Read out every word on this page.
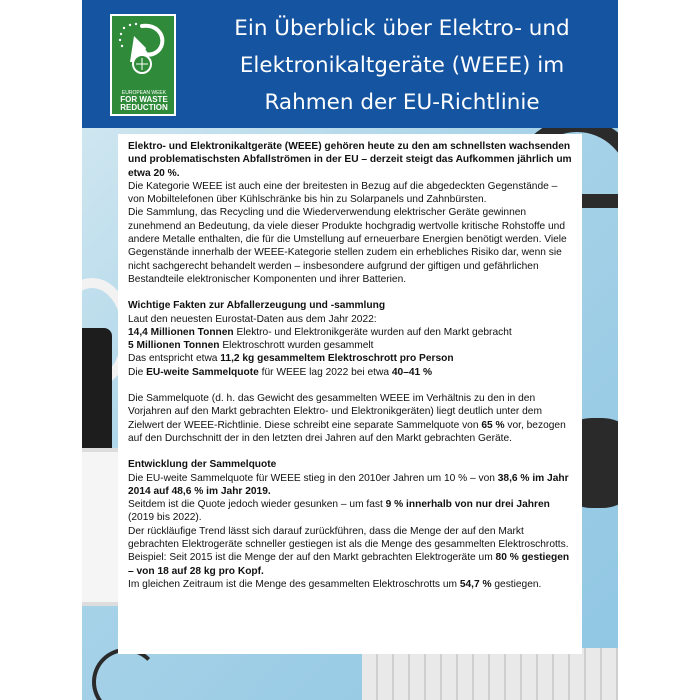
EUROPEAN WEEK
FOR WASTE
REDUCTION
Ein Überblick über Elektro- und
Elektronikaltgeräte (WEEE) im
Rahmen der EU-Richtlinie

Elektro- und Elektronikaltgeräte (WEEE) gehören heute zu den am schnellsten wachsenden und problematischsten Abfallströmen in der EU – derzeit steigt das Aufkommen jährlich um etwa 20 %.

Die Kategorie WEEE ist auch eine der breitesten in Bezug auf die abgedeckten Gegenstände – von Mobiltelefonen über Kühlschränke bis hin zu Solarpanels und Zahnbürsten.

Die Sammlung, das Recycling und die Wiederverwendung elektrischer Geräte gewinnen zunehmend an Bedeutung, da viele dieser Produkte hochgradig wertvolle kritische Rohstoffe und andere Metalle enthalten, die für die Umstellung auf erneuerbare Energien benötigt werden. Viele Gegenstände innerhalb der WEEE-Kategorie stellen zudem ein erhebliches Risiko dar, wenn sie nicht sachgerecht behandelt werden – insbesondere aufgrund der giftigen und gefährlichen Bestandteile elektronischer Komponenten und ihrer Batterien.

Wichtige Fakten zur Abfallerzeugung und -sammlung

Laut den neuesten Eurostat-Daten aus dem Jahr 2022:

14,4 Millionen Tonnen Elektro- und Elektronikgeräte wurden auf den Markt gebracht

5 Millionen Tonnen Elektroschrott wurden gesammelt

Das entspricht etwa 11,2 kg gesammeltem Elektroschrott pro Person

Die EU-weite Sammelquote für WEEE lag 2022 bei etwa 40–41 %

Die Sammelquote (d. h. das Gewicht des gesammelten WEEE im Verhältnis zu den in den Vorjahren auf den Markt gebrachten Elektro- und Elektronikgeräten) liegt deutlich unter dem Zielwert der WEEE-Richtlinie. Diese schreibt eine separate Sammelquote von 65 % vor, bezogen auf den Durchschnitt der in den letzten drei Jahren auf den Markt gebrachten Geräte.

Entwicklung der Sammelquote

Die EU-weite Sammelquote für WEEE stieg in den 2010er Jahren um 10 % – von 38,6 % im Jahr 2014 auf 48,6 % im Jahr 2019.

Seitdem ist die Quote jedoch wieder gesunken – um fast 9 % innerhalb von nur drei Jahren (2019 bis 2022).

Der rückläufige Trend lässt sich darauf zurückführen, dass die Menge der auf den Markt gebrachten Elektrogeräte schneller gestiegen ist als die Menge des gesammelten Elektroschrotts.

Beispiel: Seit 2015 ist die Menge der auf den Markt gebrachten Elektrogeräte um 80 % gestiegen – von 18 auf 28 kg pro Kopf.

Im gleichen Zeitraum ist die Menge des gesammelten Elektroschrotts um 54,7 % gestiegen.
